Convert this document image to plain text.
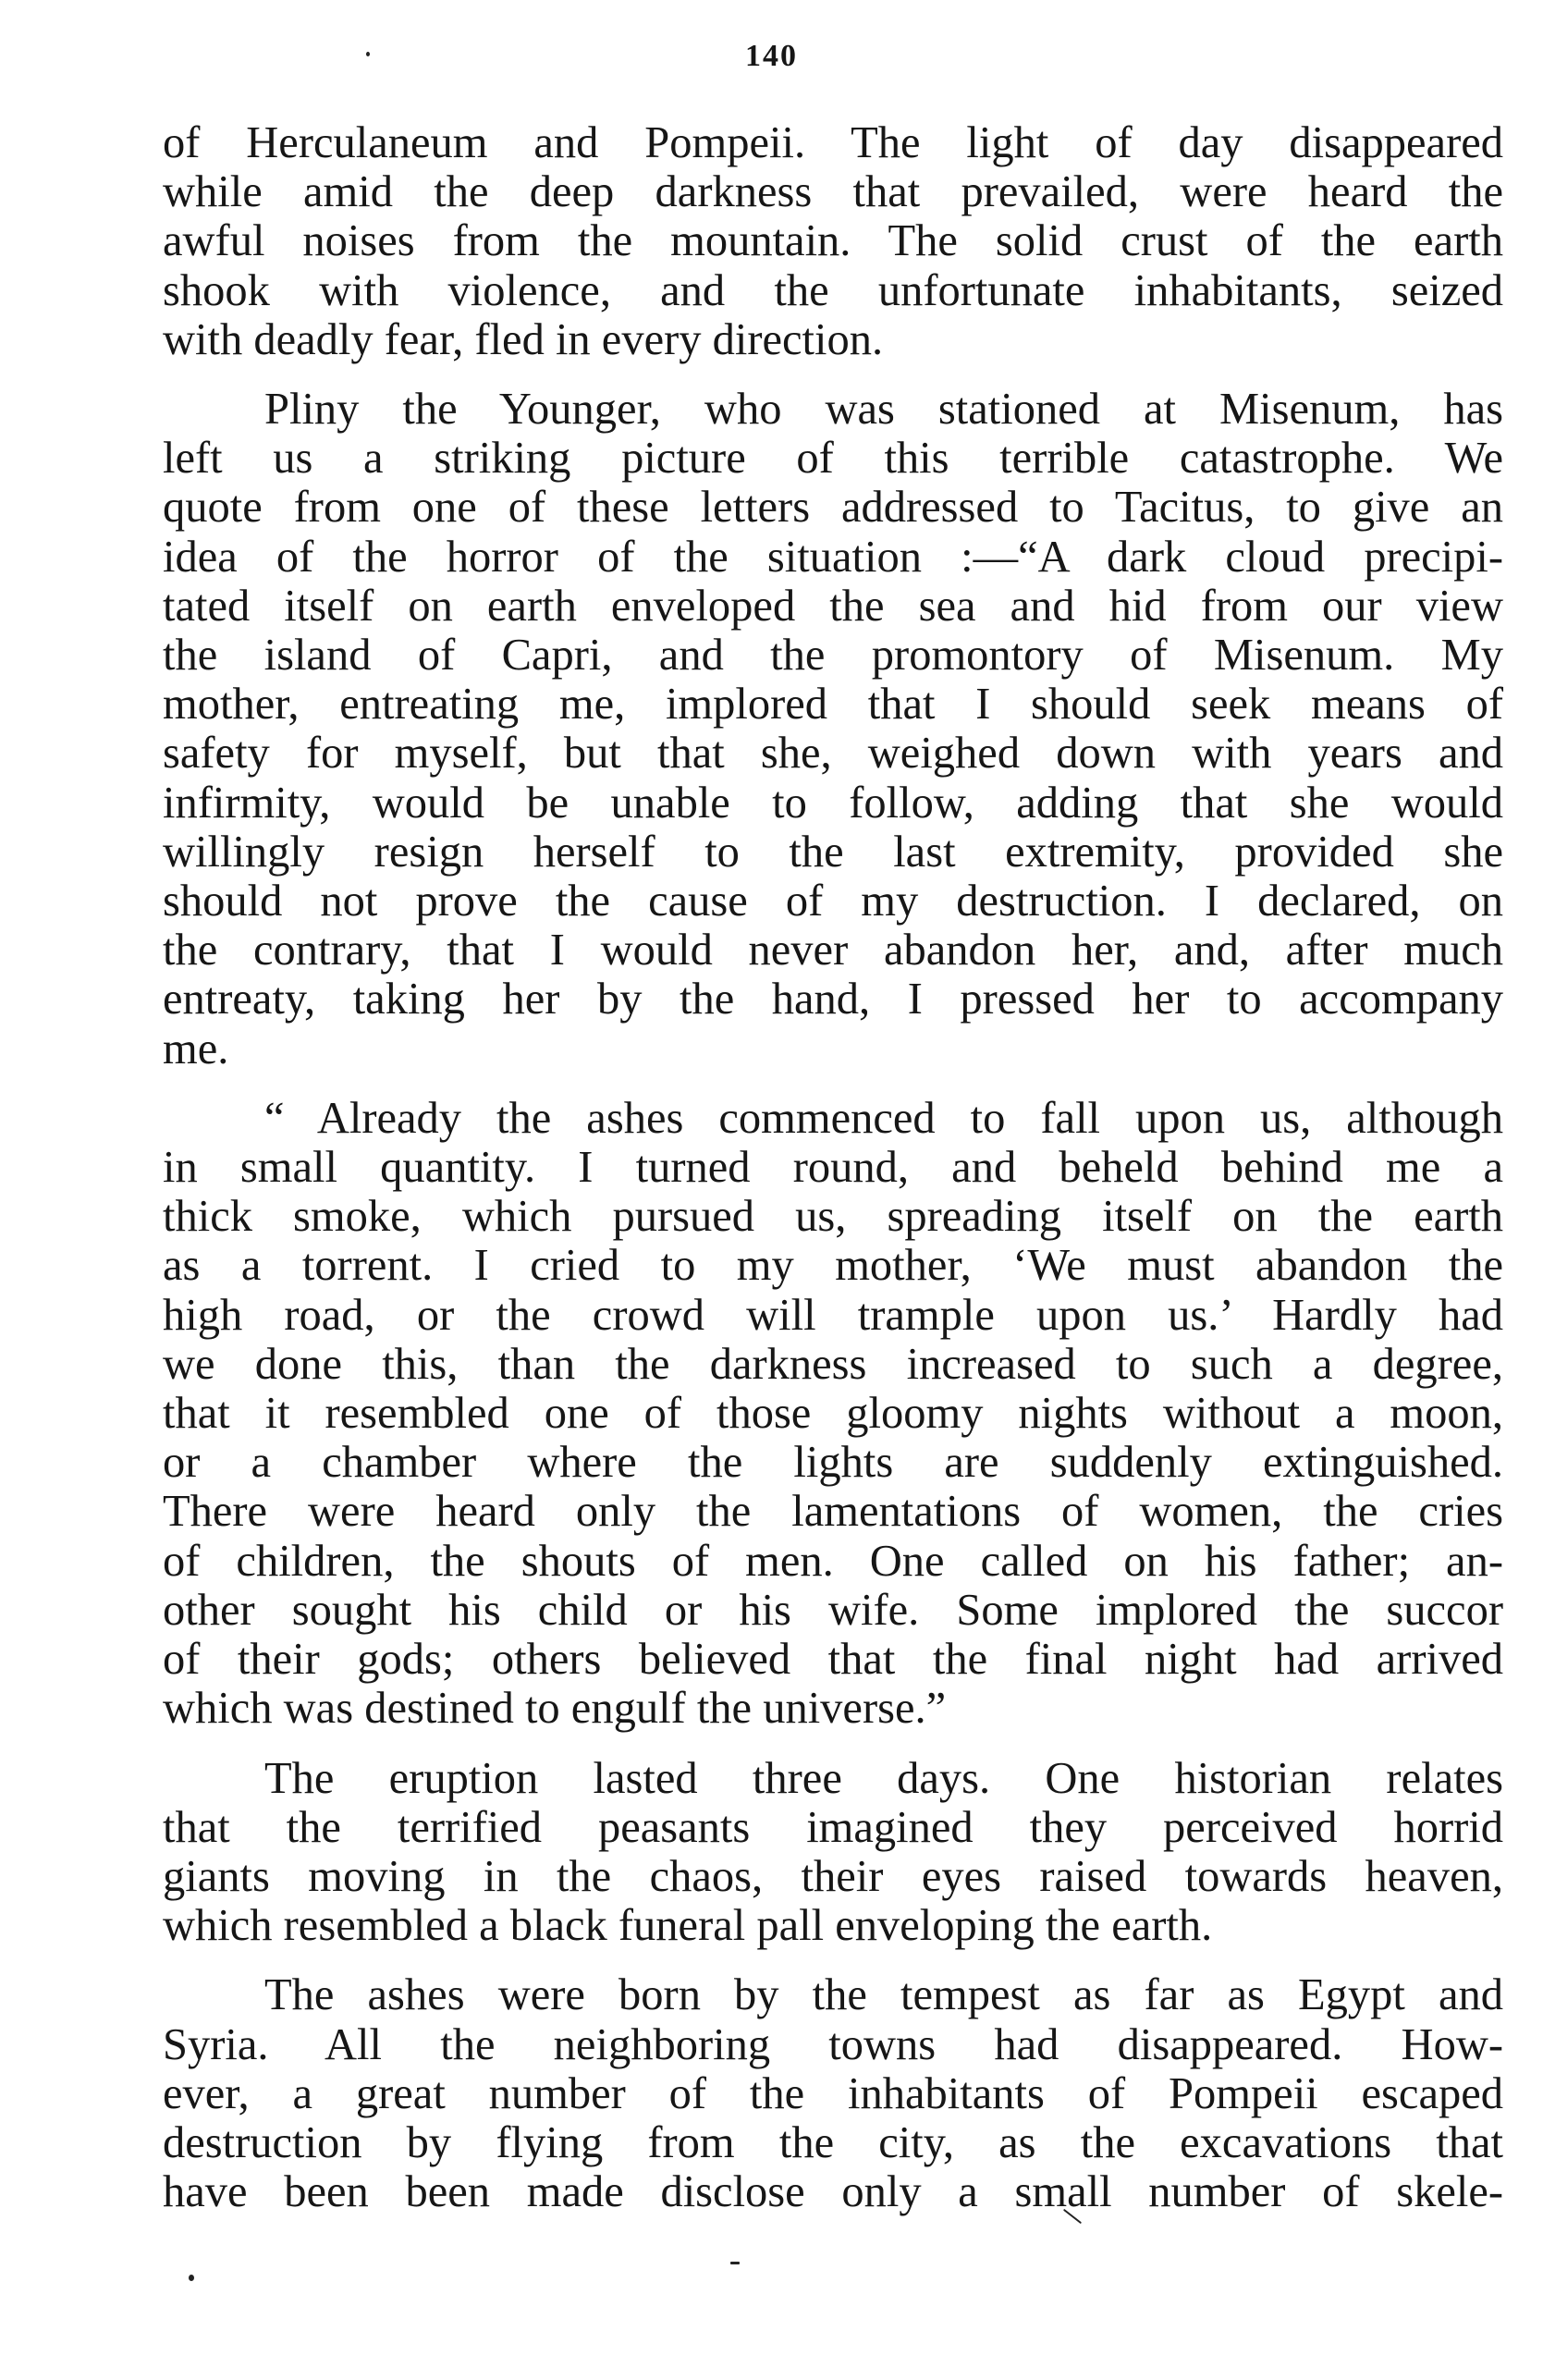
140
of Herculaneum and Pompeii. The light of day disappeared
while amid the deep darkness that prevailed, were heard the
awful noises from the mountain. The solid crust of the earth
shook with violence, and the unfortunate inhabitants, seized
with deadly fear, fled in every direction.
Pliny the Younger, who was stationed at Misenum, has
left us a striking picture of this terrible catastrophe. We
quote from one of these letters addressed to Tacitus, to give an
idea of the horror of the situation :—“A dark cloud precipi-
tated itself on earth enveloped the sea and hid from our view
the island of Capri, and the promontory of Misenum. My
mother, entreating me, implored that I should seek means of
safety for myself, but that she, weighed down with years and
infirmity, would be unable to follow, adding that she would
willingly resign herself to the last extremity, provided she
should not prove the cause of my destruction. I declared, on
the contrary, that I would never abandon her, and, after much
entreaty, taking her by the hand, I pressed her to accompany
me.
“ Already the ashes commenced to fall upon us, although
in small quantity. I turned round, and beheld behind me a
thick smoke, which pursued us, spreading itself on the earth
as a torrent. I cried to my mother, ‘We must abandon the
high road, or the crowd will trample upon us.’ Hardly had
we done this, than the darkness increased to such a degree,
that it resembled one of those gloomy nights without a moon,
or a chamber where the lights are suddenly extinguished.
There were heard only the lamentations of women, the cries
of children, the shouts of men. One called on his father; an-
other sought his child or his wife. Some implored the succor
of their gods; others believed that the final night had arrived
which was destined to engulf the universe.”
The eruption lasted three days. One historian relates
that the terrified peasants imagined they perceived horrid
giants moving in the chaos, their eyes raised towards heaven,
which resembled a black funeral pall enveloping the earth.
The ashes were born by the tempest as far as Egypt and
Syria. All the neighboring towns had disappeared. How-
ever, a great number of the inhabitants of Pompeii escaped
destruction by flying from the city, as the excavations that
have been been made disclose only a small number of skele-
